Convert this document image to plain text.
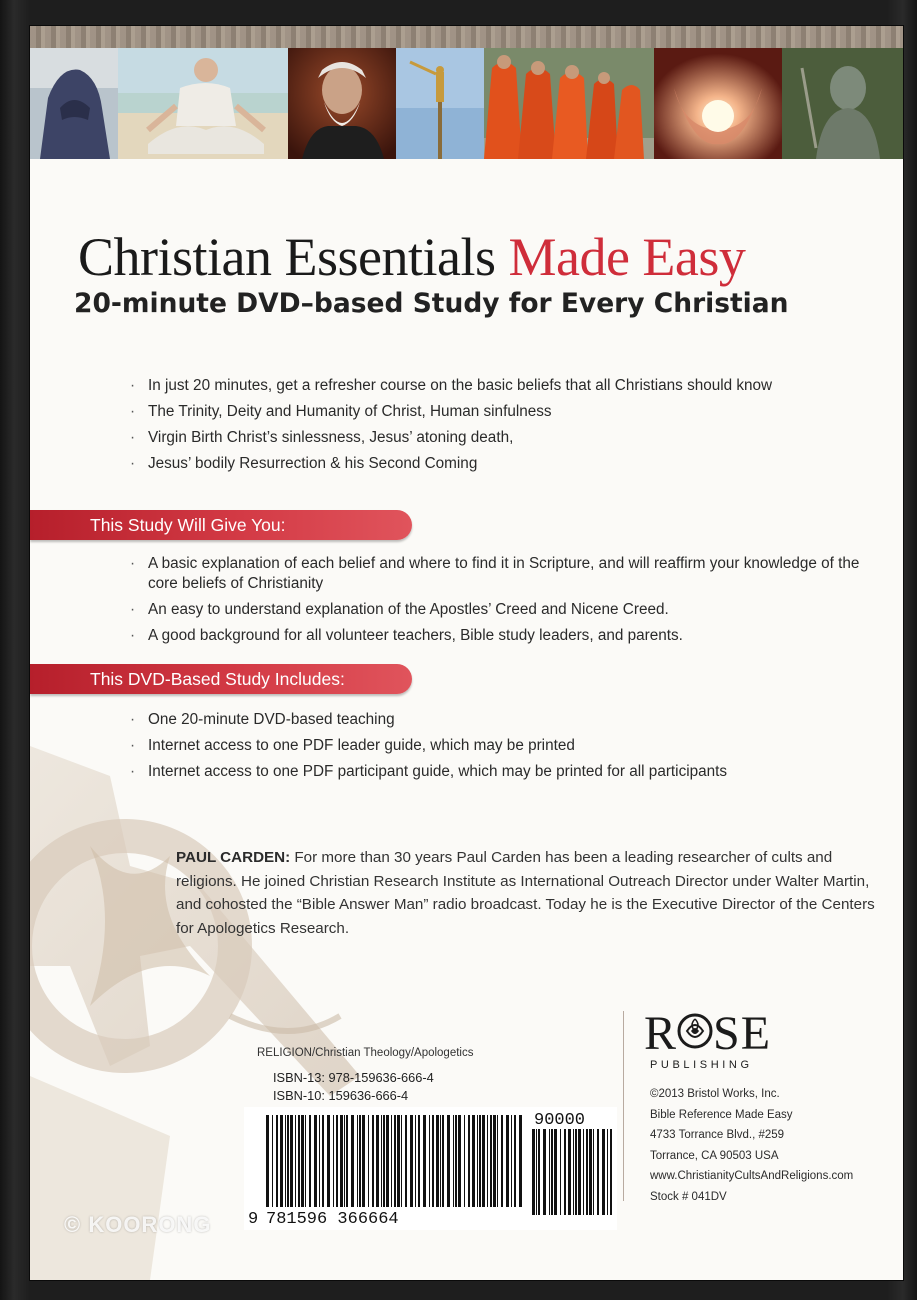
Christian Essentials Made Easy
20-minute DVD–based Study for Every Christian
· In just 20 minutes, get a refresher course on the basic beliefs that all Christians should know
· The Trinity, Deity and Humanity of Christ, Human sinfulness
· Virgin Birth Christ’s sinlessness, Jesus’ atoning death,
· Jesus’ bodily Resurrection & his Second Coming
This Study Will Give You:
· A basic explanation of each belief and where to find it in Scripture, and will reaffirm your knowledge of the core beliefs of Christianity
· An easy to understand explanation of the Apostles’ Creed and Nicene Creed.
· A good background for all volunteer teachers, Bible study leaders, and parents.
This DVD-Based Study Includes:
· One 20-minute DVD-based teaching
· Internet access to one PDF leader guide, which may be printed
· Internet access to one PDF participant guide, which may be printed for all participants
PAUL CARDEN: For more than 30 years Paul Carden has been a leading researcher of cults and religions. He joined Christian Research Institute as International Outreach Director under Walter Martin, and cohosted the “Bible Answer Man” radio broadcast. Today he is the Executive Director of the Centers for Apologetics Research.
RELIGION/Christian Theology/Apologetics
ISBN-13: 978-159636-666-4
ISBN-10: 159636-666-4
90000
9 781596 366664
© KOORONG
R SE
PUBLISHING
©2013 Bristol Works, Inc.
Bible Reference Made Easy
4733 Torrance Blvd., #259
Torrance, CA 90503 USA
www.ChristianityCultsAndReligions.com
Stock # 041DV
